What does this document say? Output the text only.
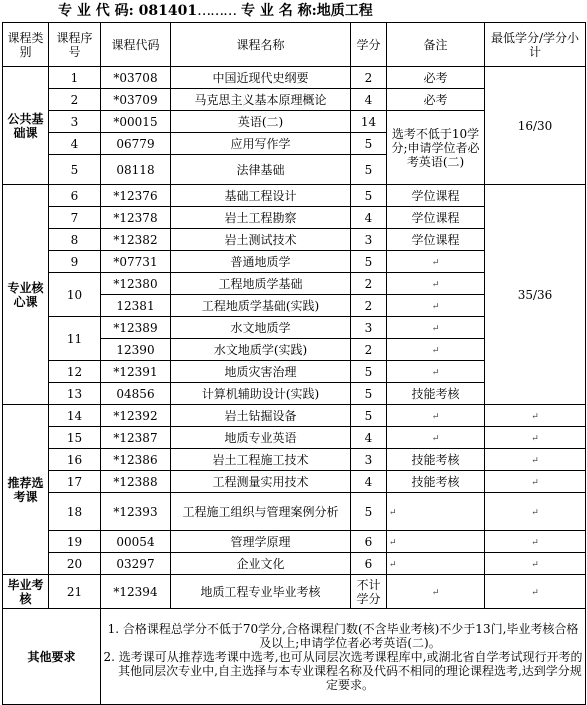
专 业 代 码: 081401……… 专 业 名 称:地质工程
课程类别	课程序号	课程代码	课程名称	学分	备注	最低学分/学分小计
公共基础课	1	*03708	中国近现代史纲要	2	必考	16/30
	2	*03709	马克思主义基本原理概论	4	必考	
	3	*00015	英语(二)	14	选考不低于10学分;申请学位者必考英语(二)	
	4	06779	应用写作学	5		
	5	08118	法律基础	5		
专业核心课	6	*12376	基础工程设计	5	学位课程	35/36
	7	*12378	岩土工程勘察	4	学位课程	
	8	*12382	岩土测试技术	3	学位课程	
	9	*07731	普通地质学	5	↵	
	10	*12380	工程地质学基础	2	↵	
		12381	工程地质学基础(实践)	2	↵	
	11	*12389	水文地质学	3	↵	
		12390	水文地质学(实践)	2	↵	
	12	*12391	地质灾害治理	5	↵	
	13	04856	计算机辅助设计(实践)	5	技能考核	
推荐选考课	14	*12392	岩土钻掘设备	5	↵	↵
	15	*12387	地质专业英语	4	↵	↵
	16	*12386	岩土工程施工技术	3	技能考核	↵
	17	*12388	工程测量实用技术	4	技能考核	↵
	18	*12393	工程施工组织与管理案例分析	5	↵	↵
	19	00054	管理学原理	6	↵	↵
	20	03297	企业文化	6	↵	↵
毕业考核	21	*12394	地质工程专业毕业考核	不计学分	↵	↵
其他要求		1. 合格课程总学分不低于70学分,合格课程门数(不含毕业考核)不少于13门,毕业考核合格及以上;申请学位者必考英语(二)。

2. 选考课可从推荐选考课中选考,也可从同层次选考课程库中,或湖北省自学考试现行开考的其他同层次专业中,自主选择与本专业课程名称及代码不相同的理论课程选考,达到学分规定要求。				
